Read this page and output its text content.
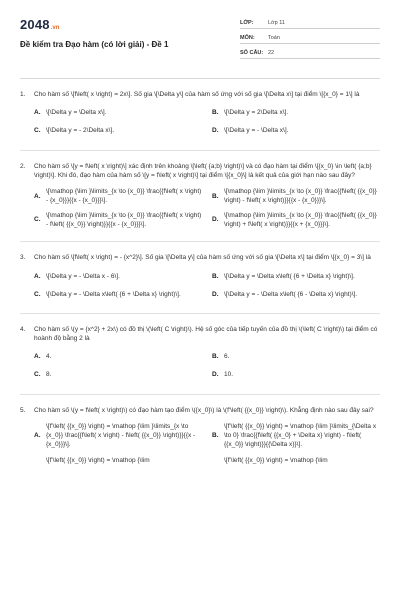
2048 .vn
Đề kiểm tra Đạo hàm (có lời giải) - Đề 1
LỚP:	Lớp 11
MÔN:	Toán
SỐ CÂU: 22
1.	Cho hàm số \[f\left( x \right) = 2x\]. Số gia \[\Delta y\] của hàm số ứng với số gia \[\Delta x\] tại điểm \[{x_0} = 1\] là
A. \[\Delta y = \Delta x\].	B. \[\Delta y = 2\Delta x\].
C. \[\Delta y = - 2\Delta x\].	D. \[\Delta y = - \Delta x\].
2.	Cho hàm số \[y = f\left( x \right)\] xác định trên khoảng \[\left( {a;b} \right)\] và có đạo hàm tại điểm \[{x_0} \in \left( {a;b} \right)\]. Khi đó, đạo hàm của hàm số \[y = f\left( x \right)\] tại điểm \[{x_0}\] là kết quả của giới hạn nào sau đây?
A.
\[\mathop {\lim }\limits_{x \to {x_0}} \frac{{f\left( x \right) - {x_0}}}{{x - {x_0}}}\].
B.
\[\mathop {\lim }\limits_{x \to {x_0}} \frac{{f\left( {{x_0}} \right) - f\left( x \right)}}{{x - {x_0}}}\].
C.
\[\mathop {\lim }\limits_{x \to {x_0}} \frac{{f\left( x \right) - f\left( {{x_0}} \right)}}{{x - {x_0}}}\].
D.
\[\mathop {\lim }\limits_{x \to {x_0}} \frac{{f\left( {{x_0}} \right) + f\left( x \right)}}{{x + {x_0}}}\].
3.	Cho hàm số \[f\left( x \right) = - {x^2}\]. Số gia \[\Delta y\] của hàm số ứng với số gia \[\Delta x\] tại điểm \[{x_0} = 3\] là
A. \[\Delta y = - \Delta x - 6\].	B. \[\Delta y = \Delta x\left( {6 + \Delta x} \right)\].
C. \[\Delta y = - \Delta x\left( {6 + \Delta x} \right)\].	D. \[\Delta y = - \Delta x\left( {6 - \Delta x} \right)\].
4.	Cho hàm số \(y = {x^2} + 2x\) có đồ thị \(\left( C \right)\). Hệ số góc của tiếp tuyến của đồ thị \(\left( C \right)\) tại điểm có hoành độ bằng 2 là
A. 4.	B. 6.
C. 8.	D. 10.
5.	Cho hàm số \(y = f\left( x \right)\) có đạo hàm tạo điểm \({x_0}\) là \(f'\left( {{x_0}} \right)\). Khẳng định nào sau đây sai?
A.
\[f'\left( {{x_0}} \right) = \mathop {\lim }\limits_{x \to {x_0}} \frac{{f\left( x \right) - f\left( {{x_0}} \right)}}{{x - {x_0}}}\].
B.
\[f'\left( {{x_0}} \right) = \mathop {\lim }\limits_{\Delta x \to 0} \frac{{f\left( {{x_0} + \Delta x} \right) - f\left( {{x_0}} \right)}}{{\Delta x}}\].
\[f'\left( {{x_0}} \right) = \mathop {\lim	\[f'\left( {{x_0}} \right) = \mathop {\lim
